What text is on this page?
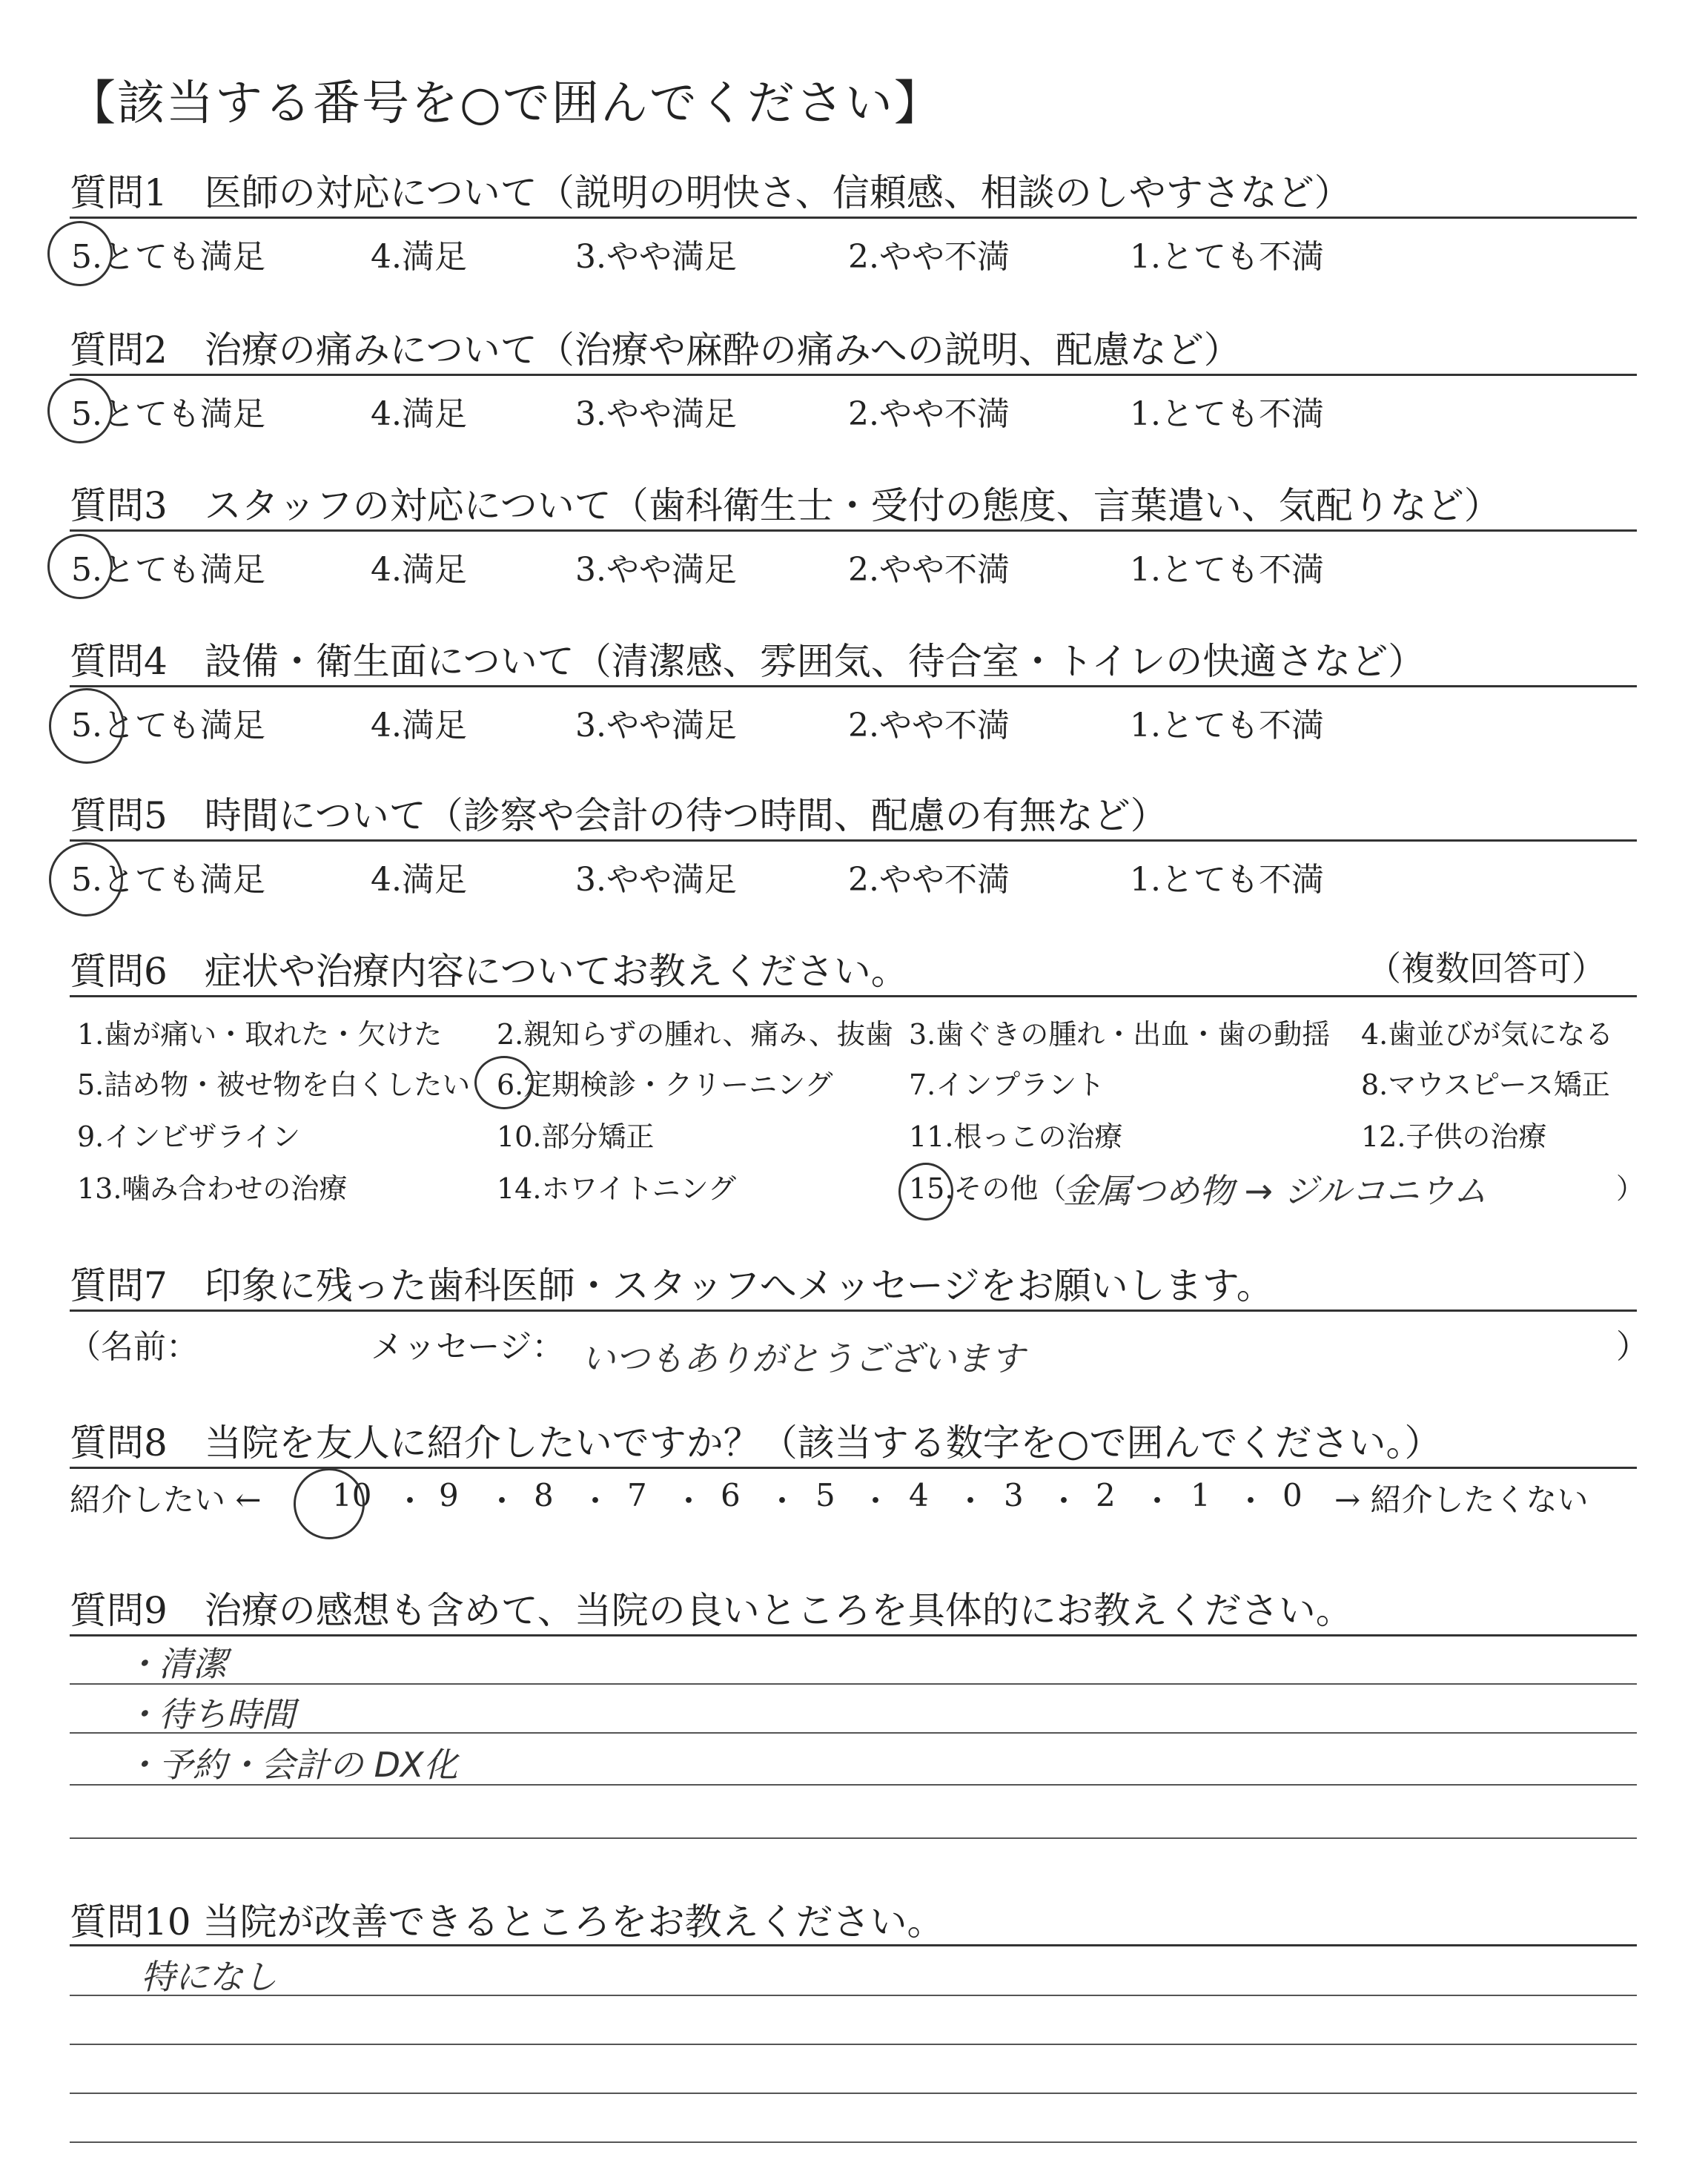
【該当する番号を○で囲んでください】
質問1　医師の対応について（説明の明快さ、信頼感、相談のしやすさなど）
5.とても満足	4.満足	3.やや満足	2.やや不満	1.とても不満
質問2　治療の痛みについて（治療や麻酔の痛みへの説明、配慮など）
5.とても満足	4.満足	3.やや満足	2.やや不満	1.とても不満
質問3　スタッフの対応について（歯科衛生士・受付の態度、言葉遣い、気配りなど）
5.とても満足	4.満足	3.やや満足	2.やや不満	1.とても不満
質問4　設備・衛生面について（清潔感、雰囲気、待合室・トイレの快適さなど）
5.とても満足	4.満足	3.やや満足	2.やや不満	1.とても不満
質問5　時間について（診察や会計の待つ時間、配慮の有無など）
5.とても満足	4.満足	3.やや満足	2.やや不満	1.とても不満
質問6　症状や治療内容についてお教えください。	（複数回答可）
1.歯が痛い・取れた・欠けた 2.親知らずの腫れ、痛み、抜歯 3.歯ぐきの腫れ・出血・歯の動揺 4.歯並びが気になる
5.詰め物・被せ物を白くしたい 6.定期検診・クリーニング	7.インプラント	8.マウスピース矯正
9.インビザライン	10.部分矯正	11.根っこの治療	12.子供の治療
13.噛み合わせの治療	14.ホワイトニング	15.その他（
金属つめ物 → ジルコニウム	）
質問7　印象に残った歯科医師・スタッフへメッセージをお願いします。
（名前：	メッセージ： いつもありがとうございます	）
質問8　当院を友人に紹介したいですか？（該当する数字を○で囲んでください。）
紹介したい ← 10 ・ 9 ・ 8 ・ 7 ・ 6 ・ 5 ・ 4 ・ 3 ・ 2 ・ 1 ・ 0 → 紹介したくない
質問9　治療の感想も含めて、当院の良いところを具体的にお教えください。
・清潔
・待ち時間
・予約・会計の DX化
質問10 当院が改善できるところをお教えください。
特になし
